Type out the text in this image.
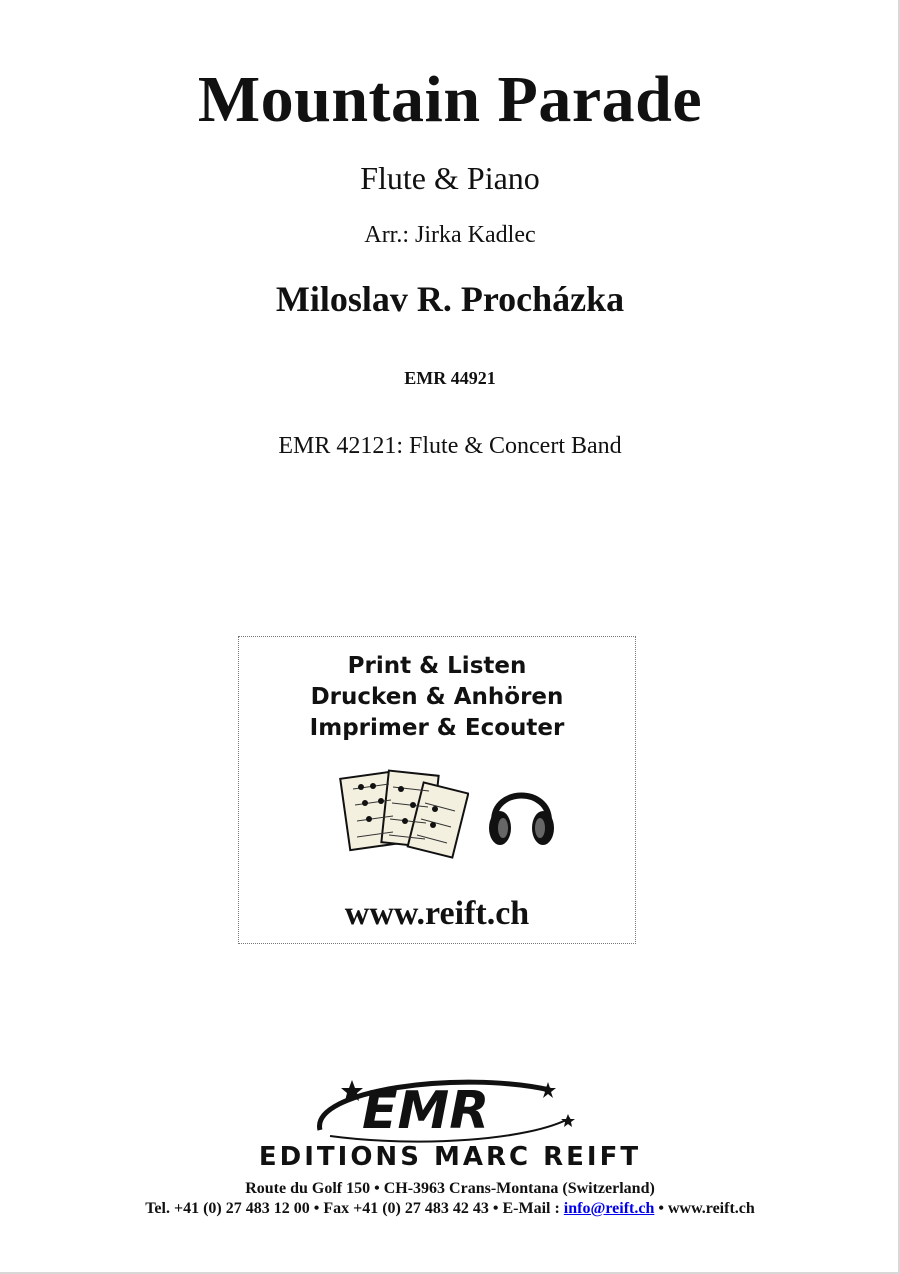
Mountain Parade
Flute & Piano
Arr.: Jirka Kadlec
Miloslav R. Procházka
EMR 44921
EMR 42121: Flute & Concert Band
Print & Listen
Drucken & Anhören
Imprimer & Ecouter
www.reift.ch
EMR
EDITIONS MARC REIFT
Route du Golf 150 • CH-3963 Crans-Montana (Switzerland)
Tel. +41 (0) 27 483 12 00 • Fax +41 (0) 27 483 42 43 • E-Mail : info@reift.ch • www.reift.ch
